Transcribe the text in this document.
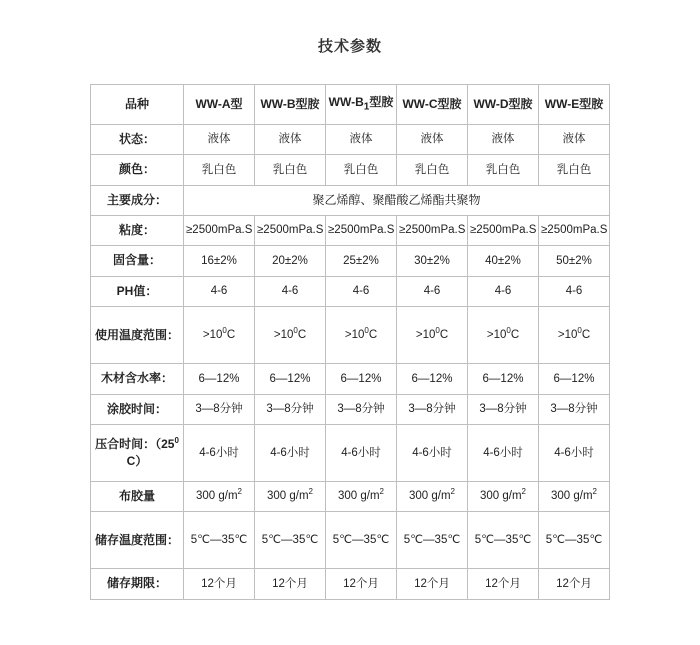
技术参数
品种	WW-A型	WW-B型胺	$WW-B_1$型胺	WW-C型胺	WW-D型胺	WW-E型胺
状态：	液体	液体	液体	液体	液体	液体
颜色：	乳白色	乳白色	乳白色	乳白色	乳白色	乳白色
主要成分：	聚乙烯醇、聚醋酸乙烯酯共聚物					
粘度：	≥2500mPa.S	≥2500mPa.S	≥2500mPa.S	≥2500mPa.S	≥2500mPa.S	≥2500mPa.S
固含量：	16±2%	20±2%	25±2%	30±2%	40±2%	50±2%
PH值：	4-6	4-6	4-6	4-6	4-6	4-6
使用温度范围：	$>10^0C$	$>10^0C$	$>10^0C$	$>10^0C$	$>10^0C$	$>10^0C$
木材含水率：	6—12%	6—12%	6—12%	6—12%	6—12%	6—12%
涂胶时间：	3—8分钟	3—8分钟	3—8分钟	3—8分钟	3—8分钟	3—8分钟
压合时间：$(25^0C)$	4-6小时	4-6小时	4-6小时	4-6小时	4-6小时	4-6小时
布胶量	300 $g/m^2$	300 $g/m^2$	300 $g/m^2$	300 $g/m^2$	300 $g/m^2$	300 $g/m^2$
储存温度范围：	5℃—35℃	5℃—35℃	5℃—35℃	5℃—35℃	5℃—35℃	5℃—35℃
储存期限：	12个月	12个月	12个月	12个月	12个月	12个月
